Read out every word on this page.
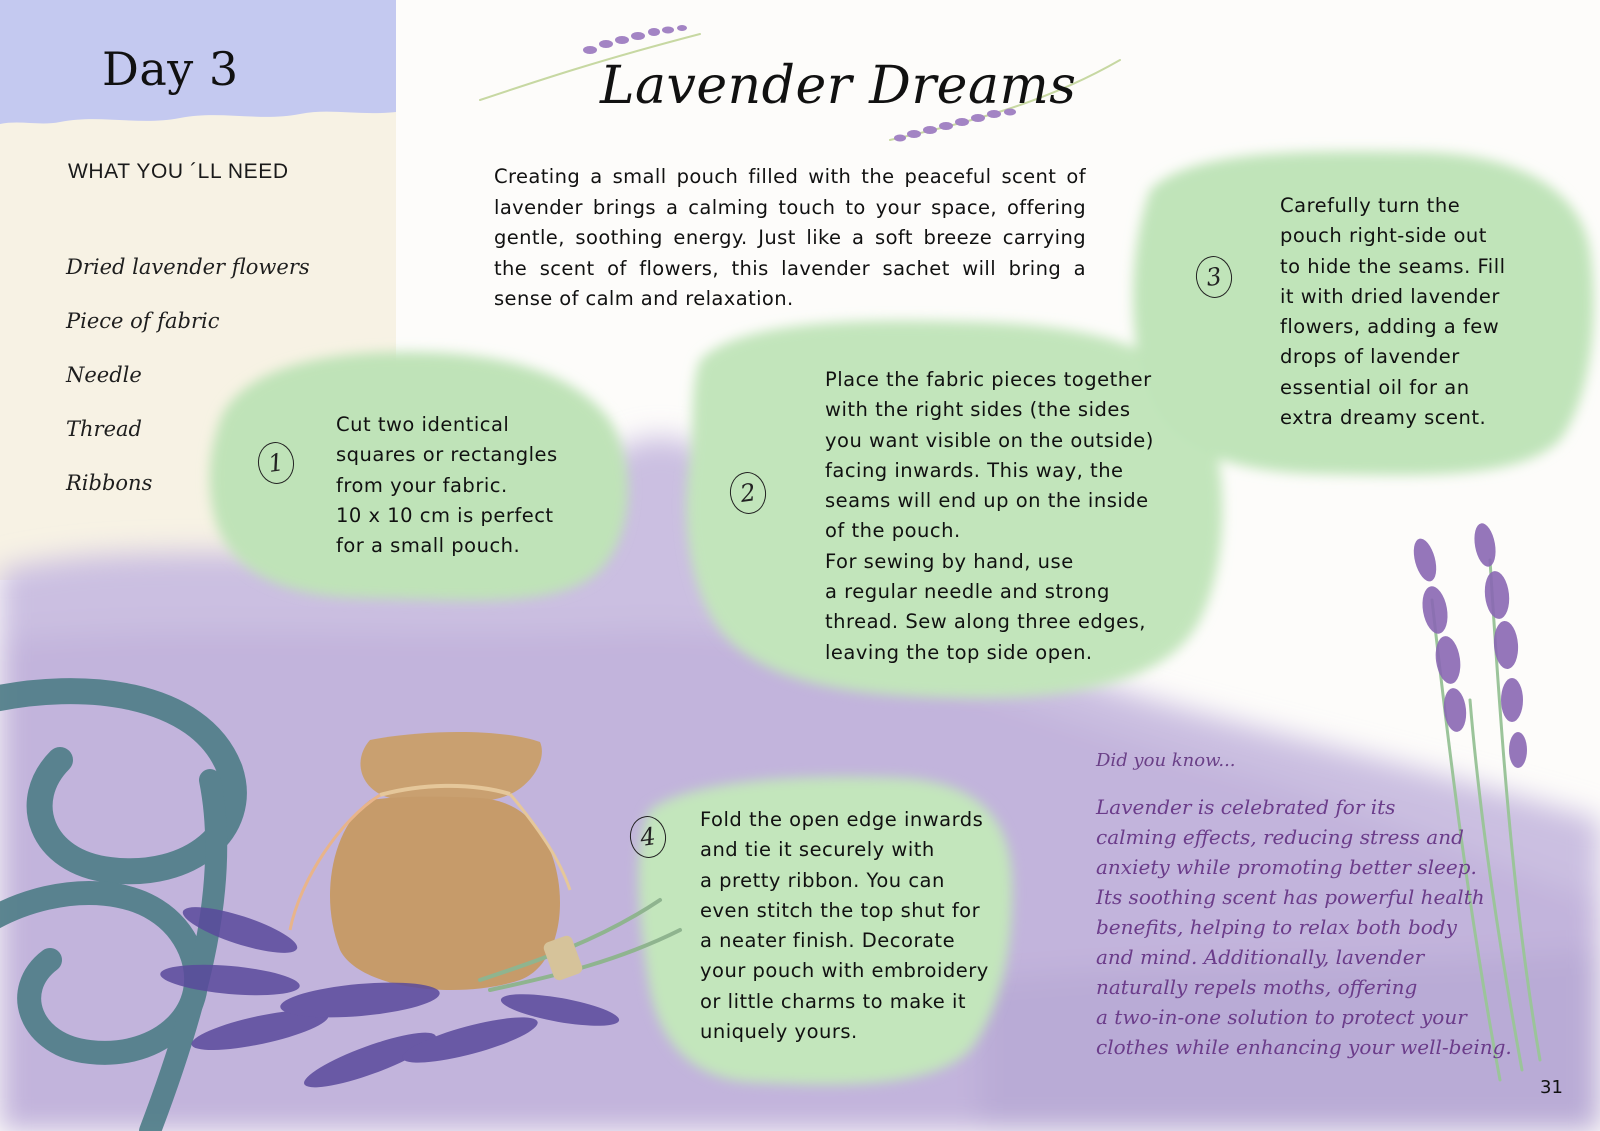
Day 3
WHAT YOU ´LL NEED
Dried lavender flowers
Piece of fabric
Needle
Thread
Ribbons
Lavender Dreams
Creating a small pouch filled with the peaceful scent of lavender brings a calming touch to your space, offering gentle, soothing energy. Just like a soft breeze carrying the scent of flowers, this lavender sachet will bring a sense of calm and relaxation.
1
Cut two identical
squares or rectangles
from your fabric.
10 x 10 cm is perfect
for a small pouch.
2
Place the fabric pieces together
with the right sides (the sides
you want visible on the outside)
facing inwards. This way, the
seams will end up on the inside
of the pouch.
For sewing by hand, use
a regular needle and strong
thread. Sew along three edges,
leaving the top side open.
3
Carefully turn the
pouch right-side out
to hide the seams. Fill
it with dried lavender
flowers, adding a few
drops of lavender
essential oil for an
extra dreamy scent.
4
Fold the open edge inwards
and tie it securely with
a pretty ribbon. You can
even stitch the top shut for
a neater finish. Decorate
your pouch with embroidery
or little charms to make it
uniquely yours.
Did you know...
Lavender is celebrated for its
calming effects, reducing stress and
anxiety while promoting better sleep.
Its soothing scent has powerful health
benefits, helping to relax both body
and mind. Additionally, lavender
naturally repels moths, offering
a two-in-one solution to protect your
clothes while enhancing your well-being.
31
